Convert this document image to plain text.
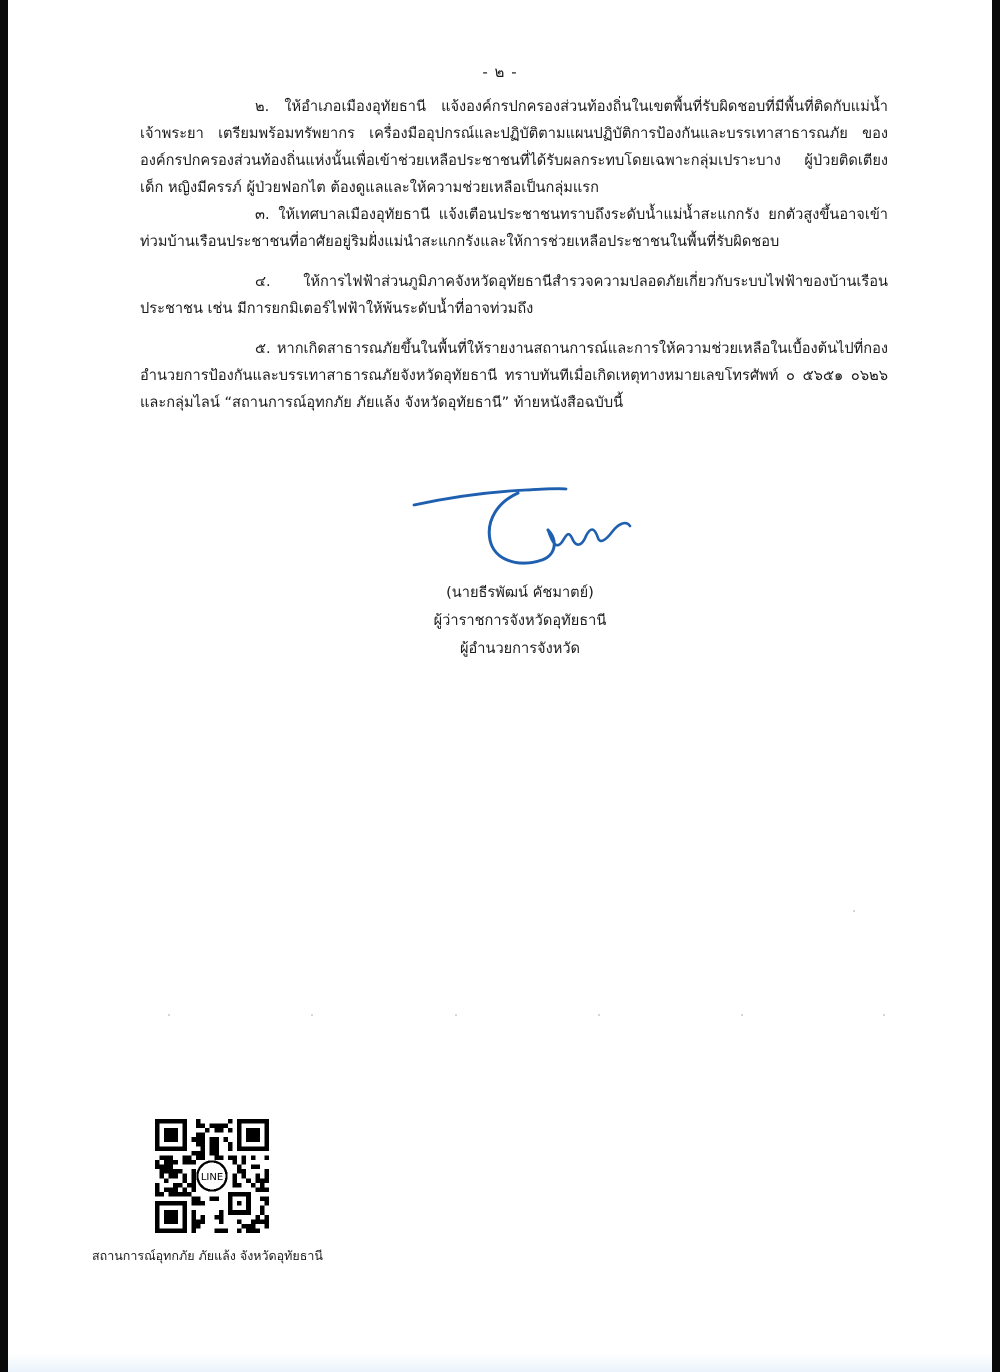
- ๒ -

๒. ให้อำเภอเมืองอุทัยธานี แจ้งองค์กรปกครองส่วนท้องถิ่นในเขตพื้นที่รับผิดชอบที่มีพื้นที่ติดกับแม่น้ำเจ้าพระยา เตรียมพร้อมทรัพยากร เครื่องมืออุปกรณ์และปฏิบัติตามแผนปฏิบัติการป้องกันและบรรเทาสาธารณภัย ขององค์กรปกครองส่วนท้องถิ่นแห่งนั้นเพื่อเข้าช่วยเหลือประชาชนที่ได้รับผลกระทบโดยเฉพาะกลุ่มเปราะบาง ผู้ป่วยติดเตียง เด็ก หญิงมีครรภ์ ผู้ป่วยฟอกไต ต้องดูแลและให้ความช่วยเหลือเป็นกลุ่มแรก

๓. ให้เทศบาลเมืองอุทัยธานี แจ้งเตือนประชาชนทราบถึงระดับน้ำแม่น้ำสะแกกรัง ยกตัวสูงขึ้นอาจเข้าท่วมบ้านเรือนประชาชนที่อาศัยอยู่ริมฝั่งแม่นำสะแกกรังและให้การช่วยเหลือประชาชนในพื้นที่รับผิดชอบ

๔. ให้การไฟฟ้าส่วนภูมิภาคจังหวัดอุทัยธานีสำรวจความปลอดภัยเกี่ยวกับระบบไฟฟ้าของบ้านเรือนประชาชน เช่น มีการยกมิเตอร์ไฟฟ้าให้พ้นระดับน้ำที่อาจท่วมถึง

๕. หากเกิดสาธารณภัยขึ้นในพื้นที่ให้รายงานสถานการณ์และการให้ความช่วยเหลือในเบื้องต้นไปที่กองอำนวยการป้องกันและบรรเทาสาธารณภัยจังหวัดอุทัยธานี ทราบทันทีเมื่อเกิดเหตุทางหมายเลขโทรศัพท์ ๐ ๕๖๕๑ ๐๖๒๖ และกลุ่มไลน์ “สถานการณ์อุทกภัย ภัยแล้ง จังหวัดอุทัยธานี” ท้ายหนังสือฉบับนี้

(นายธีรพัฒน์ คัชมาตย์)
ผู้ว่าราชการจังหวัดอุทัยธานี
ผู้อำนวยการจังหวัด
LINE
สถานการณ์อุทกภัย ภัยแล้ง จังหวัดอุทัยธานี
